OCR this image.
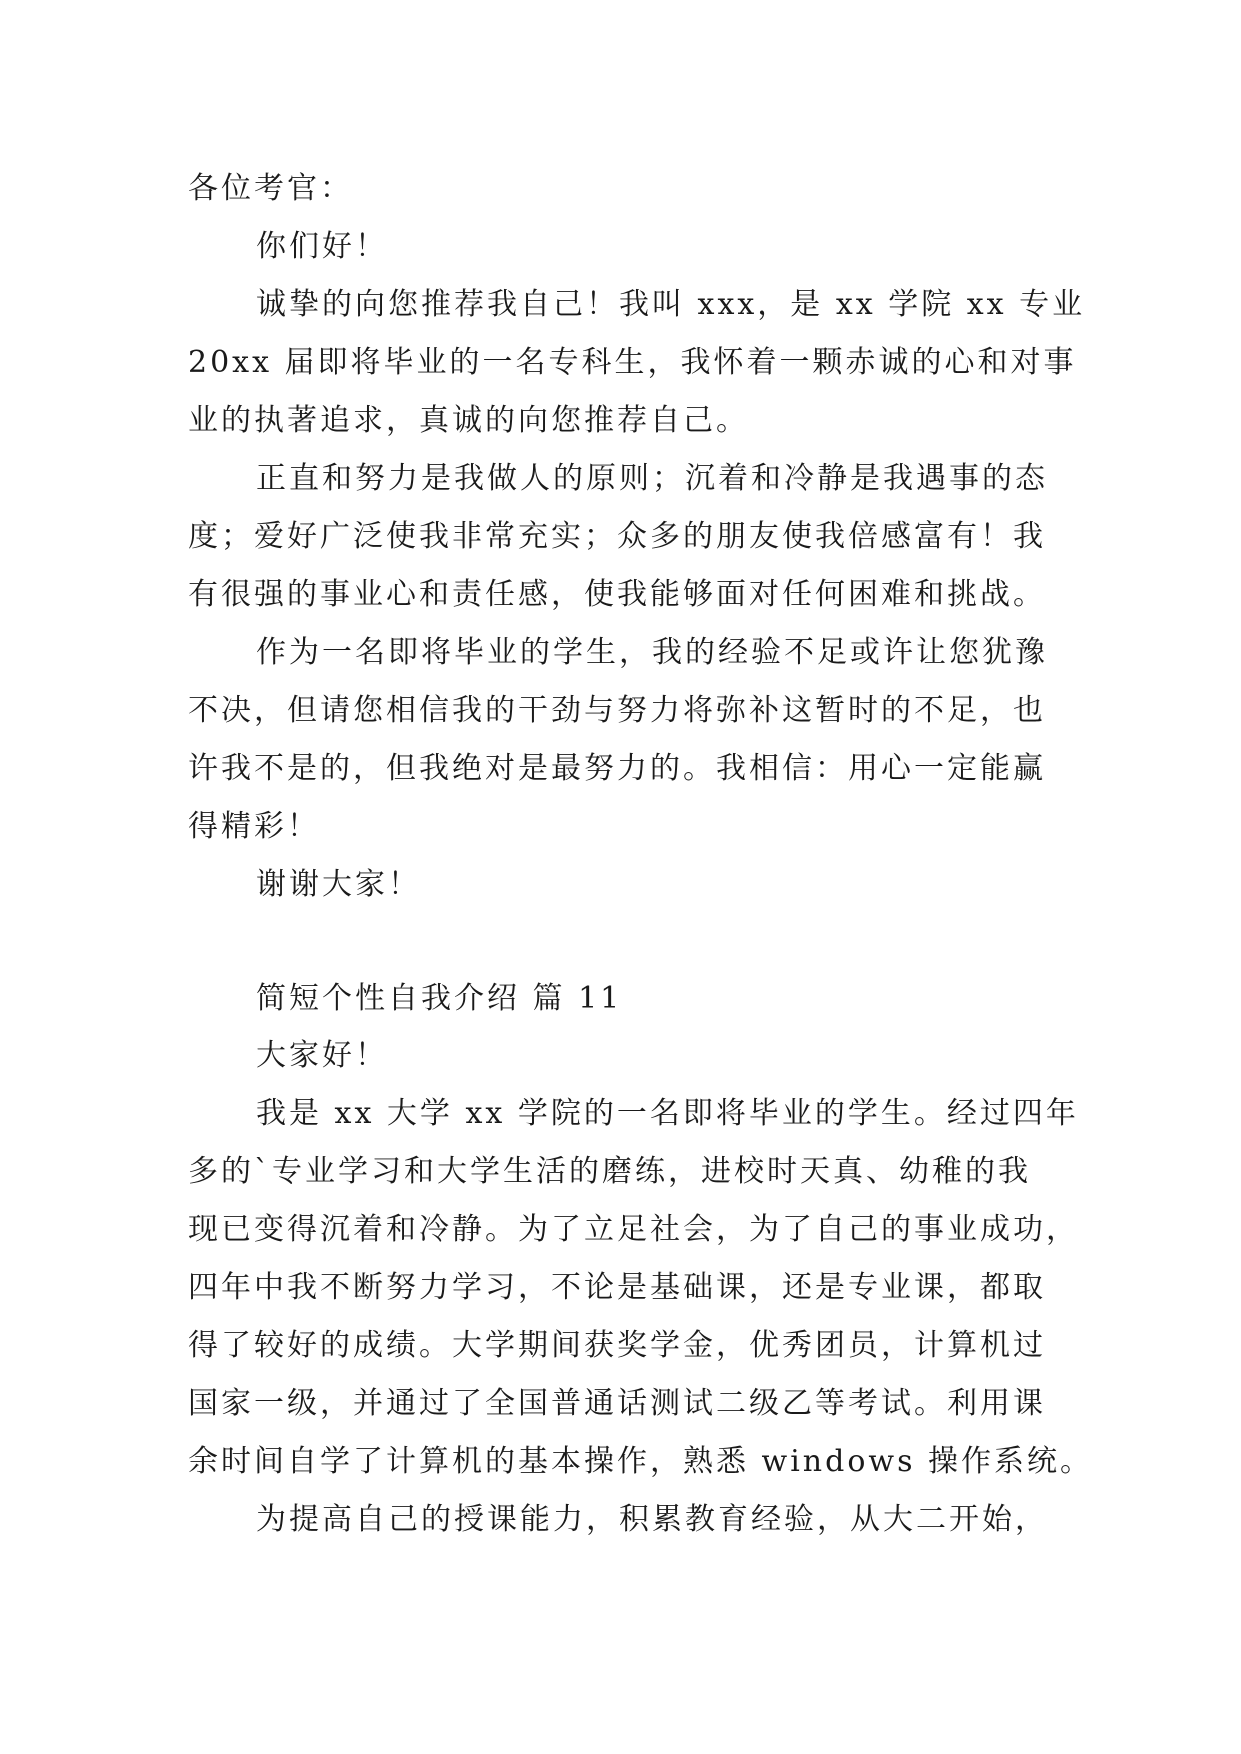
各位考官：
你们好！
诚挚的向您推荐我自己！我叫 xxx，是 xx 学院 xx 专业
20xx 届即将毕业的一名专科生，我怀着一颗赤诚的心和对事
业的执著追求，真诚的向您推荐自己。
正直和努力是我做人的原则；沉着和冷静是我遇事的态
度；爱好广泛使我非常充实；众多的朋友使我倍感富有！我
有很强的事业心和责任感，使我能够面对任何困难和挑战。
作为一名即将毕业的学生，我的经验不足或许让您犹豫
不决，但请您相信我的干劲与努力将弥补这暂时的不足，也
许我不是的，但我绝对是最努力的。我相信：用心一定能赢
得精彩！
谢谢大家！
简短个性自我介绍 篇 11
大家好！
我是 xx 大学 xx 学院的一名即将毕业的学生。经过四年
多的`专业学习和大学生活的磨练，进校时天真、幼稚的我
现已变得沉着和冷静。为了立足社会，为了自己的事业成功，
四年中我不断努力学习，不论是基础课，还是专业课，都取
得了较好的成绩。大学期间获奖学金，优秀团员，计算机过
国家一级，并通过了全国普通话测试二级乙等考试。利用课
余时间自学了计算机的基本操作，熟悉 windows 操作系统。
为提高自己的授课能力，积累教育经验，从大二开始，
